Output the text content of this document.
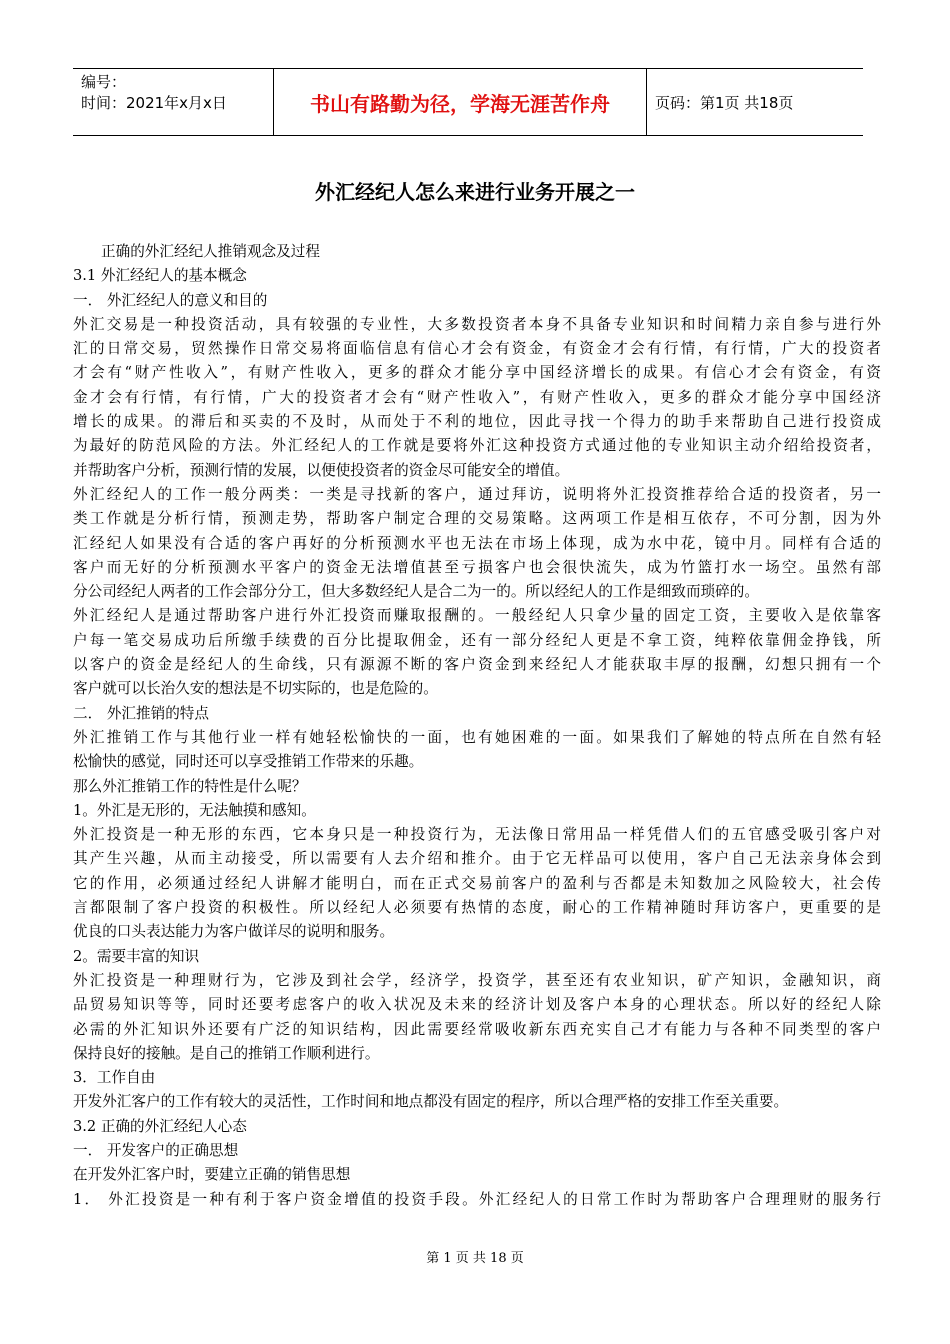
编号：
时间：2021年x月x日	书山有路勤为径，学海无涯苦作舟	页码：第1页 共18页
外汇经纪人怎么来进行业务开展之一
正确的外汇经纪人推销观念及过程
3.1 外汇经纪人的基本概念
一． 外汇经纪人的意义和目的
外汇交易是一种投资活动，具有较强的专业性，大多数投资者本身不具备专业知识和时间精力亲自参与进行外
汇的日常交易，贸然操作日常交易将面临信息有信心才会有资金，有资金才会有行情，有行情，广大的投资者
才会有“财产性收入”，有财产性收入，更多的群众才能分享中国经济增长的成果。有信心才会有资金，有资
金才会有行情，有行情，广大的投资者才会有“财产性收入”，有财产性收入，更多的群众才能分享中国经济
增长的成果。的滞后和买卖的不及时，从而处于不利的地位，因此寻找一个得力的助手来帮助自己进行投资成
为最好的防范风险的方法。外汇经纪人的工作就是要将外汇这种投资方式通过他的专业知识主动介绍给投资者，
并帮助客户分析，预测行情的发展，以便使投资者的资金尽可能安全的增值。
外汇经纪人的工作一般分两类：一类是寻找新的客户，通过拜访，说明将外汇投资推荐给合适的投资者，另一
类工作就是分析行情，预测走势，帮助客户制定合理的交易策略。这两项工作是相互依存，不可分割，因为外
汇经纪人如果没有合适的客户再好的分析预测水平也无法在市场上体现，成为水中花，镜中月。同样有合适的
客户而无好的分析预测水平客户的资金无法增值甚至亏损客户也会很快流失，成为竹篮打水一场空。虽然有部
分公司经纪人两者的工作会部分分工，但大多数经纪人是合二为一的。所以经纪人的工作是细致而琐碎的。
外汇经纪人是通过帮助客户进行外汇投资而赚取报酬的。一般经纪人只拿少量的固定工资，主要收入是依靠客
户每一笔交易成功后所缴手续费的百分比提取佣金，还有一部分经纪人更是不拿工资，纯粹依靠佣金挣钱，所
以客户的资金是经纪人的生命线，只有源源不断的客户资金到来经纪人才能获取丰厚的报酬，幻想只拥有一个
客户就可以长治久安的想法是不切实际的，也是危险的。
二． 外汇推销的特点
外汇推销工作与其他行业一样有她轻松愉快的一面，也有她困难的一面。如果我们了解她的特点所在自然有轻
松愉快的感觉，同时还可以享受推销工作带来的乐趣。
那么外汇推销工作的特性是什么呢？
1。外汇是无形的，无法触摸和感知。
外汇投资是一种无形的东西，它本身只是一种投资行为，无法像日常用品一样凭借人们的五官感受吸引客户对
其产生兴趣，从而主动接受，所以需要有人去介绍和推介。由于它无样品可以使用，客户自己无法亲身体会到
它的作用，必须通过经纪人讲解才能明白，而在正式交易前客户的盈利与否都是未知数加之风险较大，社会传
言都限制了客户投资的积极性。所以经纪人必须要有热情的态度，耐心的工作精神随时拜访客户，更重要的是
优良的口头表达能力为客户做详尽的说明和服务。
2。需要丰富的知识
外汇投资是一种理财行为，它涉及到社会学，经济学，投资学，甚至还有农业知识，矿产知识，金融知识，商
品贸易知识等等，同时还要考虑客户的收入状况及未来的经济计划及客户本身的心理状态。所以好的经纪人除
必需的外汇知识外还要有广泛的知识结构，因此需要经常吸收新东西充实自己才有能力与各种不同类型的客户
保持良好的接触。是自己的推销工作顺利进行。
3．工作自由
开发外汇客户的工作有较大的灵活性，工作时间和地点都没有固定的程序，所以合理严格的安排工作至关重要。
3.2 正确的外汇经纪人心态
一． 开发客户的正确思想
在开发外汇客户时，要建立正确的销售思想
1． 外汇投资是一种有利于客户资金增值的投资手段。外汇经纪人的日常工作时为帮助客户合理理财的服务行
第 1 页 共 18 页
